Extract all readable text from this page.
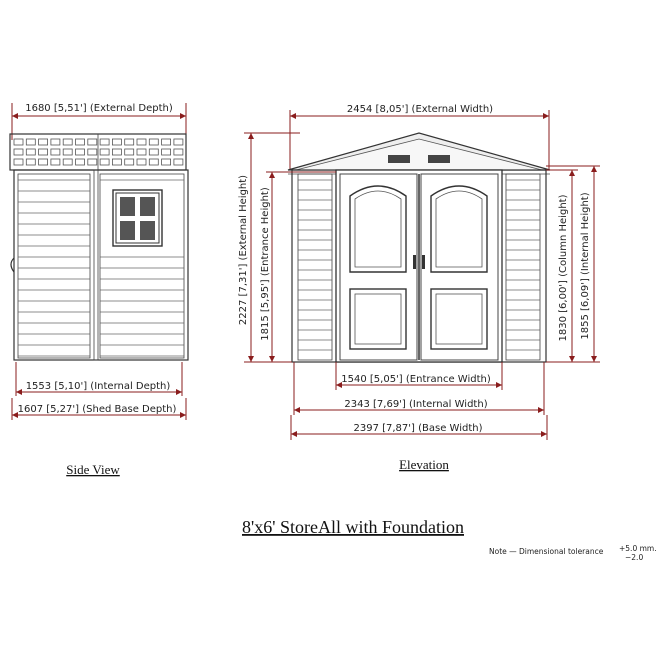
1680 [5,51'] (External Depth)
1553 [5,10'] (Internal Depth)
1607 [5,27'] (Shed Base Depth)
Side View
2454 [8,05'] (External Width)
2227 [7,31'] (External Height) 1815 [5,95'] (Entrance Height)	1830 [6,00'] (Column Height) 1855 [6,09'] (Internal Height)
1540 [5,05'] (Entrance Width)
2343 [7,69'] (Internal Width)
2397 [7,87'] (Base Width)
Elevation
8'x6' StoreAll with Foundation
Note — Dimensional tolerance +5.0 mm.
−2.0
